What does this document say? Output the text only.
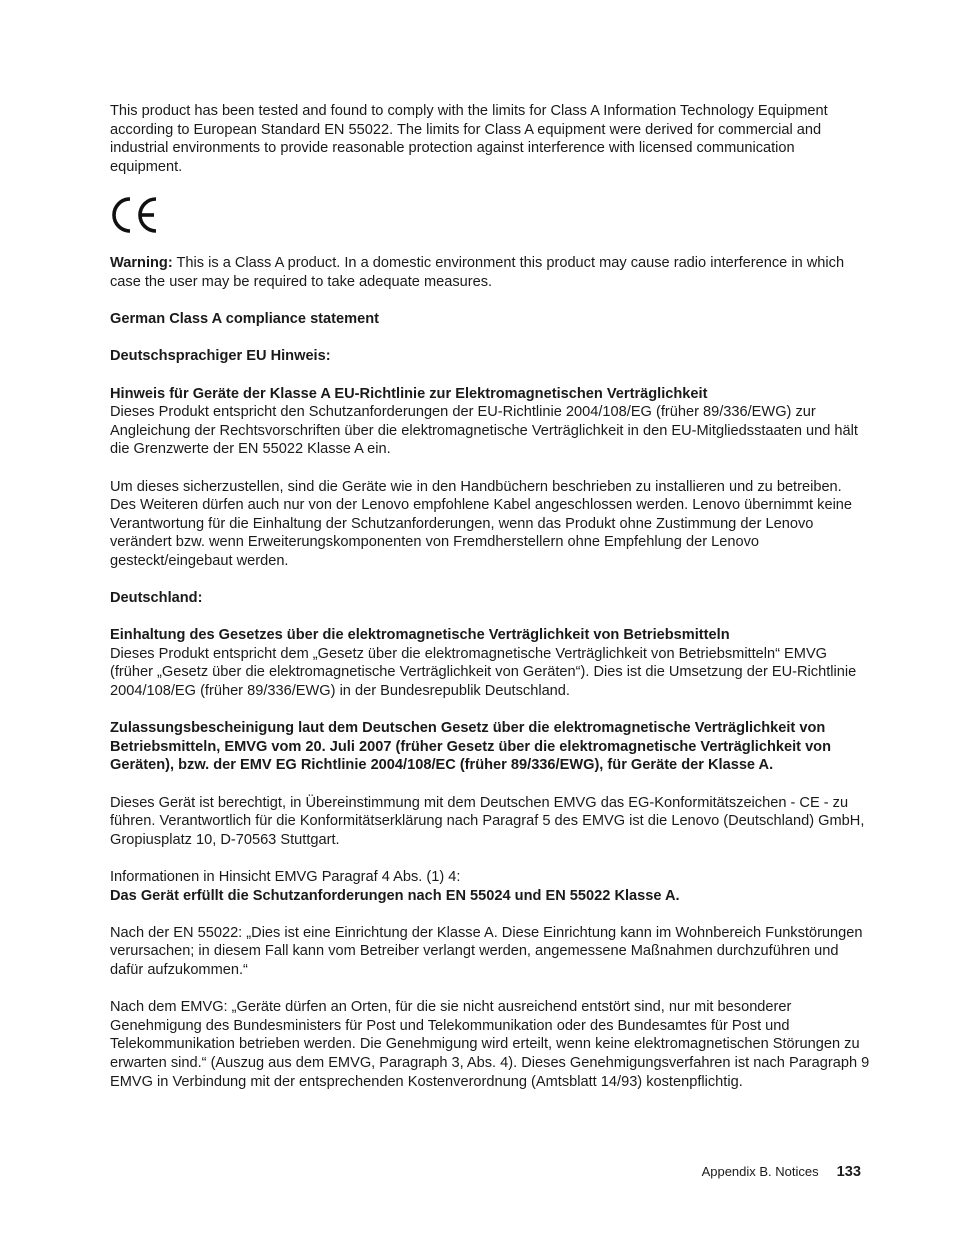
This product has been tested and found to comply with the limits for Class A Information Technology Equipment according to European Standard EN 55022. The limits for Class A equipment were derived for commercial and industrial environments to provide reasonable protection against interference with licensed communication equipment.

Warning: This is a Class A product. In a domestic environment this product may cause radio interference in which case the user may be required to take adequate measures.

German Class A compliance statement

Deutschsprachiger EU Hinweis:

Hinweis für Geräte der Klasse A EU-Richtlinie zur Elektromagnetischen Verträglichkeit

Dieses Produkt entspricht den Schutzanforderungen der EU-Richtlinie 2004/108/EG (früher 89/336/EWG) zur Angleichung der Rechtsvorschriften über die elektromagnetische Verträglichkeit in den EU-Mitgliedsstaaten und hält die Grenzwerte der EN 55022 Klasse A ein.

Um dieses sicherzustellen, sind die Geräte wie in den Handbüchern beschrieben zu installieren und zu betreiben. Des Weiteren dürfen auch nur von der Lenovo empfohlene Kabel angeschlossen werden. Lenovo übernimmt keine Verantwortung für die Einhaltung der Schutzanforderungen, wenn das Produkt ohne Zustimmung der Lenovo verändert bzw. wenn Erweiterungskomponenten von Fremdherstellern ohne Empfehlung der Lenovo gesteckt/eingebaut werden.

Deutschland:

Einhaltung des Gesetzes über die elektromagnetische Verträglichkeit von Betriebsmitteln

Dieses Produkt entspricht dem „Gesetz über die elektromagnetische Verträglichkeit von Betriebsmitteln“ EMVG (früher „Gesetz über die elektromagnetische Verträglichkeit von Geräten“). Dies ist die Umsetzung der EU-Richtlinie 2004/108/EG (früher 89/336/EWG) in der Bundesrepublik Deutschland.

Zulassungsbescheinigung laut dem Deutschen Gesetz über die elektromagnetische Verträglichkeit von Betriebsmitteln, EMVG vom 20. Juli 2007 (früher Gesetz über die elektromagnetische Verträglichkeit von Geräten), bzw. der EMV EG Richtlinie 2004/108/EC (früher 89/336/EWG), für Geräte der Klasse A.

Dieses Gerät ist berechtigt, in Übereinstimmung mit dem Deutschen EMVG das EG-Konformitätszeichen - CE - zu führen. Verantwortlich für die Konformitätserklärung nach Paragraf 5 des EMVG ist die Lenovo (Deutschland) GmbH, Gropiusplatz 10, D-70563 Stuttgart.

Informationen in Hinsicht EMVG Paragraf 4 Abs. (1) 4:

Das Gerät erfüllt die Schutzanforderungen nach EN 55024 und EN 55022 Klasse A.

Nach der EN 55022: „Dies ist eine Einrichtung der Klasse A. Diese Einrichtung kann im Wohnbereich Funkstörungen verursachen; in diesem Fall kann vom Betreiber verlangt werden, angemessene Maßnahmen durchzuführen und dafür aufzukommen.“

Nach dem EMVG: „Geräte dürfen an Orten, für die sie nicht ausreichend entstört sind, nur mit besonderer Genehmigung des Bundesministers für Post und Telekommunikation oder des Bundesamtes für Post und Telekommunikation betrieben werden. Die Genehmigung wird erteilt, wenn keine elektromagnetischen Störungen zu erwarten sind.“ (Auszug aus dem EMVG, Paragraph 3, Abs. 4). Dieses Genehmigungsverfahren ist nach Paragraph 9 EMVG in Verbindung mit der entsprechenden Kostenverordnung (Amtsblatt 14/93) kostenpflichtig.

Appendix B. Notices 133
